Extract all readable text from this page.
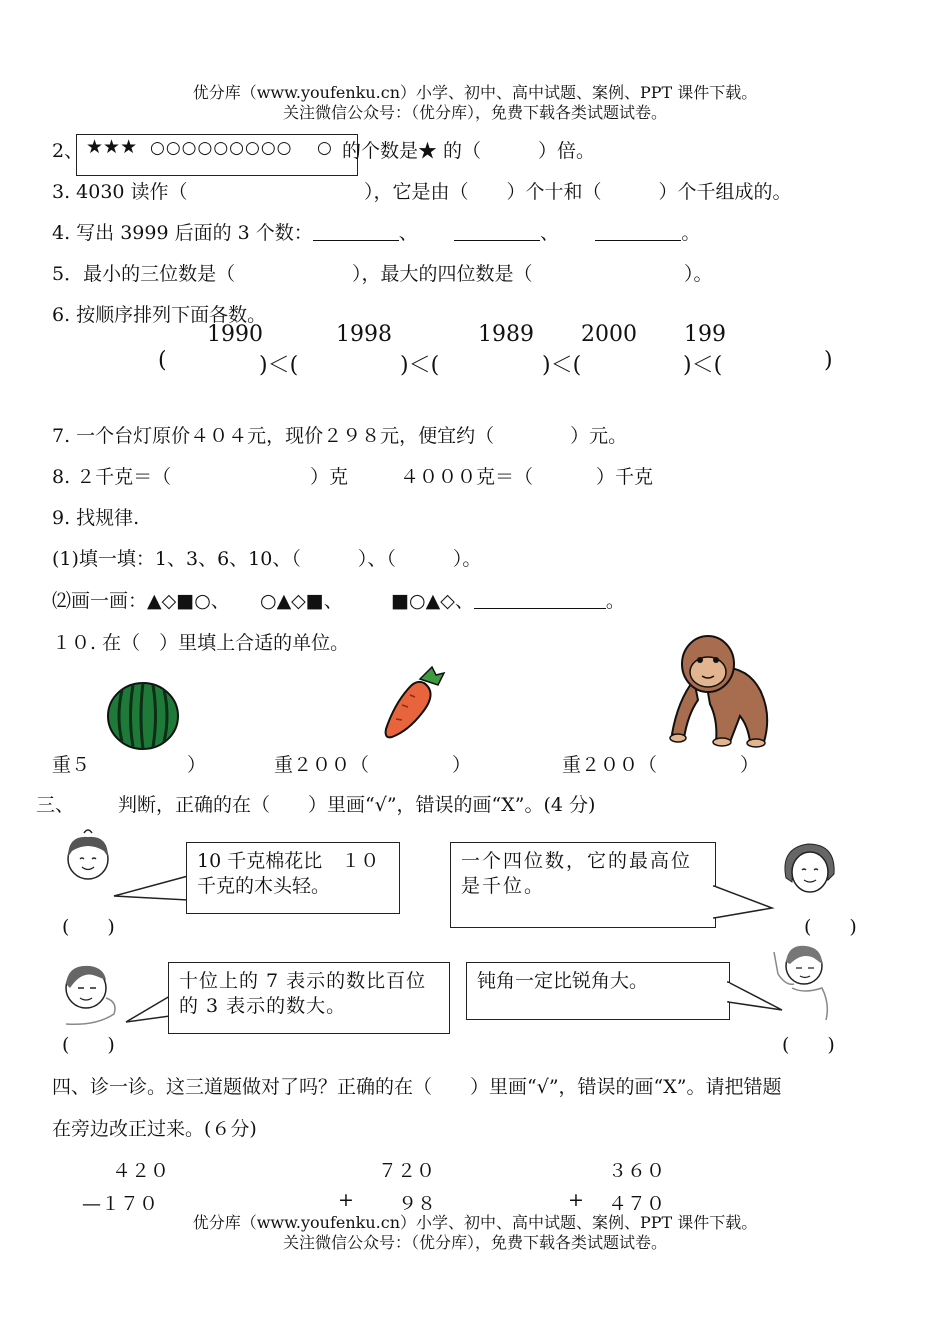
优分库（www.youfenku.cn）小学、初中、高中试题、案例、PPT 课件下载。
关注微信公众号：（优分库），免费下载各类试题试卷。
2、 ★★★ ○○○○○○○○○ ○ 的个数是★ 的（　　　）倍。
3. 4030 读作（	），它是由（　　）个十和（　　　）个千组成的。
4. 写出 3999 后面的 3 个数：	、	、	。
5．最小的三位数是（	），最大的四位数是（	）。
6. 按顺序排列下面各数。
1990	1998	1989 2000 199
(	)＜(	)＜(	)＜(	)＜(	)
7. 一个台灯原价４０４元，现价２９８元，便宜约（　　　　）元。
8. ２千克＝（	）克	４０００克＝（	）千克
9. 找规律.
(1)填一填：1、3、6、10、（　　　）、（　　　）。
⑵画一画：▲◇■○、 ○▲◇■、	■○▲◇、	。
１０. 在（　）里填上合适的单位。
重５	）	重２００（	）	重２００（	）
三、 判断，正确的在（　　）里画“√”，错误的画“X”。(4 分)
10 千克棉花比　１０千克的木头轻。
(　　)
一个四位数，它的最高位是千位。
(　　)
十位上的 7 表示的数比百位的 3 表示的数大。
(　　)
钝角一定比锐角大。
(　　)
四、诊一诊。这三道题做对了吗？正确的在（　　）里画“√”，错误的画“X”。请把错题
在旁边改正过来。(６分)
４２０
—１７０
７２０
+ ９８
３６０
+ ４７０
优分库（www.youfenku.cn）小学、初中、高中试题、案例、PPT 课件下载。
关注微信公众号：（优分库），免费下载各类试题试卷。
